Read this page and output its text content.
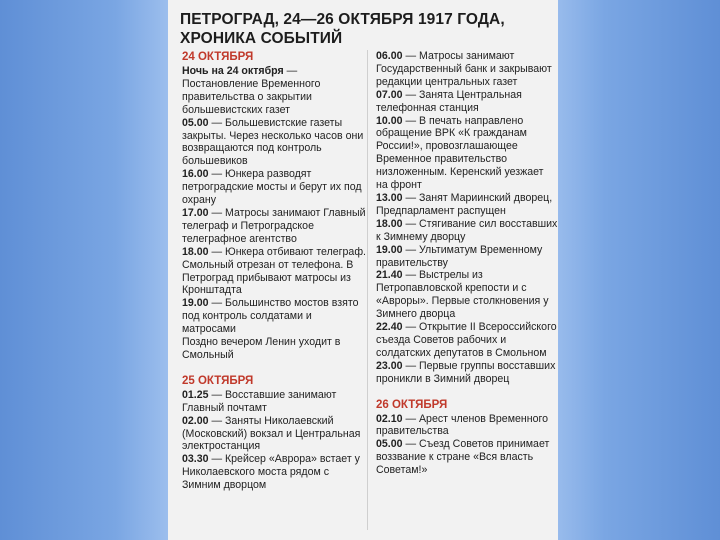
ПЕТРОГРАД, 24—26 ОКТЯБРЯ 1917 ГОДА,
ХРОНИКА СОБЫТИЙ
24 ОКТЯБРЯ

Ночь на 24 октября — Постановление Временного правительства о закрытии большевистских газет

05.00 — Большевистские газеты закрыты. Через несколько часов они возвращаются под контроль большевиков

16.00 — Юнкера разводят петроградские мосты и берут их под охрану

17.00 — Матросы занимают Главный телеграф и Петроградское телеграфное агентство

18.00 — Юнкера отбивают телеграф. Смольный отрезан от телефона. В Петроград прибывают матросы из Кронштадта

19.00 — Большинство мостов взято под контроль солдатами и матросами

Поздно вечером Ленин уходит в Смольный

25 ОКТЯБРЯ

01.25 — Восставшие занимают Главный почтамт

02.00 — Заняты Николаевский (Московский) вокзал и Центральная электростанция

03.30 — Крейсер «Аврора» встает у Николаевского моста рядом с Зимним дворцом

06.00 — Матросы занимают Государственный банк и закрывают редакции центральных газет

07.00 — Занята Центральная телефонная станция

10.00 — В печать направлено обращение ВРК «К гражданам России!», провозглашающее Временное правительство низложенным. Керенский уезжает на фронт

13.00 — Занят Мариинский дворец, Предпарламент распущен

18.00 — Стягивание сил восставших к Зимнему дворцу

19.00 — Ультиматум Временному правительству

21.40 — Выстрелы из Петропавловской крепости и с «Авроры». Первые столкновения у Зимнего дворца

22.40 — Открытие II Всероссийского съезда Советов рабочих и солдатских депутатов в Смольном

23.00 — Первые группы восставших проникли в Зимний дворец

26 ОКТЯБРЯ

02.10 — Арест членов Временного правительства

05.00 — Съезд Советов принимает воззвание к стране «Вся власть Советам!»
